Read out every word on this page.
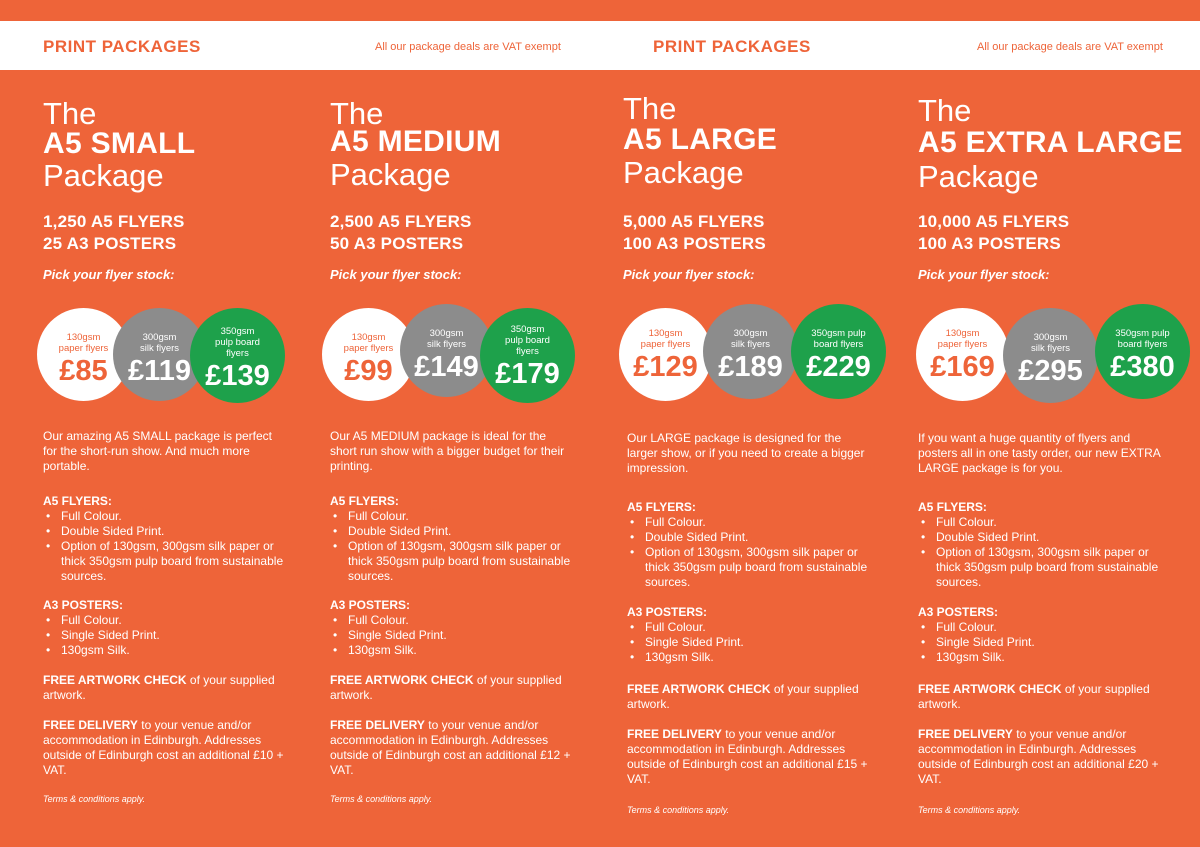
PRINT PACKAGES	All our package deals are VAT exempt	PRINT PACKAGES	All our package deals are VAT exempt
The
A5 SMALL
Package
1,250 A5 FLYERS
25 A3 POSTERS
Pick your flyer stock:
130gsm
paper flyers
£85
300gsm
silk flyers
£119
350gsm
pulp board
flyers
£139
Our amazing A5 SMALL package is perfect for the short-run show. And much more portable.
A5 FLYERS:
• Full Colour.
• Double Sided Print.
• Option of 130gsm, 300gsm silk paper or thick 350gsm pulp board from sustainable sources.
A3 POSTERS:
• Full Colour.
• Single Sided Print.
• 130gsm Silk.
FREE ARTWORK CHECK of your supplied artwork.
FREE DELIVERY to your venue and/or accommodation in Edinburgh. Addresses outside of Edinburgh cost an additional £10 + VAT.
Terms & conditions apply.
The
A5 MEDIUM
Package
2,500 A5 FLYERS
50 A3 POSTERS
Pick your flyer stock:
130gsm
paper flyers
£99
300gsm
silk flyers
£149
350gsm
pulp board
flyers
£179
Our A5 MEDIUM package is ideal for the short run show with a bigger budget for their printing.
A5 FLYERS:
• Full Colour.
• Double Sided Print.
• Option of 130gsm, 300gsm silk paper or thick 350gsm pulp board from sustainable sources.
A3 POSTERS:
• Full Colour.
• Single Sided Print.
• 130gsm Silk.
FREE ARTWORK CHECK of your supplied artwork.
FREE DELIVERY to your venue and/or accommodation in Edinburgh. Addresses outside of Edinburgh cost an additional £12 + VAT.
Terms & conditions apply.
The
A5 LARGE
Package
5,000 A5 FLYERS
100 A3 POSTERS
Pick your flyer stock:
130gsm
paper flyers
£129
300gsm
silk flyers
£189
350gsm pulp
board flyers
£229
Our LARGE package is designed for the larger show, or if you need to create a bigger impression.
A5 FLYERS:
• Full Colour.
• Double Sided Print.
• Option of 130gsm, 300gsm silk paper or thick 350gsm pulp board from sustainable sources.
A3 POSTERS:
• Full Colour.
• Single Sided Print.
• 130gsm Silk.
FREE ARTWORK CHECK of your supplied artwork.
FREE DELIVERY to your venue and/or accommodation in Edinburgh. Addresses outside of Edinburgh cost an additional £15 + VAT.
Terms & conditions apply.
The
A5 EXTRA LARGE
Package
10,000 A5 FLYERS
100 A3 POSTERS
Pick your flyer stock:
130gsm
paper flyers
£169
300gsm
silk flyers
£295
350gsm pulp
board flyers
£380
If you want a huge quantity of flyers and posters all in one tasty order, our new EXTRA LARGE package is for you.
A5 FLYERS:
• Full Colour.
• Double Sided Print.
• Option of 130gsm, 300gsm silk paper or thick 350gsm pulp board from sustainable sources.
A3 POSTERS:
• Full Colour.
• Single Sided Print.
• 130gsm Silk.
FREE ARTWORK CHECK of your supplied artwork.
FREE DELIVERY to your venue and/or accommodation in Edinburgh. Addresses outside of Edinburgh cost an additional £20 + VAT.
Terms & conditions apply.
